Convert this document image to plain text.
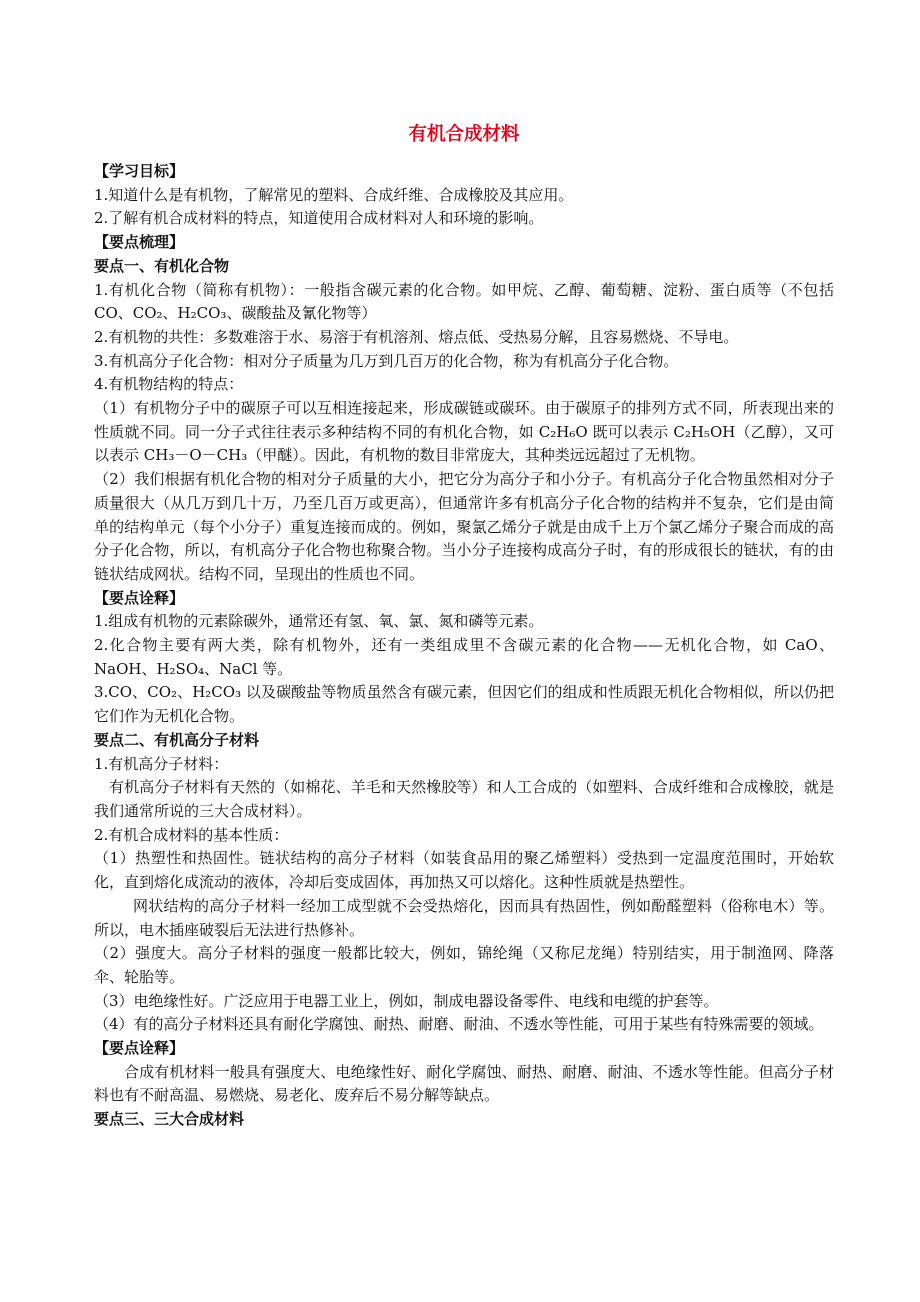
有机合成材料
【学习目标】
1.知道什么是有机物，了解常见的塑料、合成纤维、合成橡胶及其应用。
2.了解有机合成材料的特点，知道使用合成材料对人和环境的影响。
【要点梳理】
要点一、有机化合物
1.有机化合物（简称有机物）：一般指含碳元素的化合物。如甲烷、乙醇、葡萄糖、淀粉、蛋白质等（不包括 CO、CO₂、H₂CO₃、碳酸盐及氰化物等）
2.有机物的共性：多数难溶于水、易溶于有机溶剂、熔点低、受热易分解，且容易燃烧、不导电。
3.有机高分子化合物：相对分子质量为几万到几百万的化合物，称为有机高分子化合物。
4.有机物结构的特点：
（1）有机物分子中的碳原子可以互相连接起来，形成碳链或碳环。由于碳原子的排列方式不同，所表现出来的性质就不同。同一分子式往往表示多种结构不同的有机化合物，如 C₂H₆O 既可以表示 C₂H₅OH（乙醇），又可以表示 CH₃－O－CH₃（甲醚）。因此，有机物的数目非常庞大，其种类远远超过了无机物。
（2）我们根据有机化合物的相对分子质量的大小，把它分为高分子和小分子。有机高分子化合物虽然相对分子质量很大（从几万到几十万，乃至几百万或更高），但通常许多有机高分子化合物的结构并不复杂，它们是由简单的结构单元（每个小分子）重复连接而成的。例如，聚氯乙烯分子就是由成千上万个氯乙烯分子聚合而成的高分子化合物，所以，有机高分子化合物也称聚合物。当小分子连接构成高分子时，有的形成很长的链状，有的由链状结成网状。结构不同，呈现出的性质也不同。
【要点诠释】
1.组成有机物的元素除碳外，通常还有氢、氧、氯、氮和磷等元素。
2.化合物主要有两大类，除有机物外，还有一类组成里不含碳元素的化合物——无机化合物，如 CaO、NaOH、H₂SO₄、NaCl 等。
3.CO、CO₂、H₂CO₃ 以及碳酸盐等物质虽然含有碳元素，但因它们的组成和性质跟无机化合物相似，所以仍把它们作为无机化合物。
要点二、有机高分子材料
1.有机高分子材料：
有机高分子材料有天然的（如棉花、羊毛和天然橡胶等）和人工合成的（如塑料、合成纤维和合成橡胶，就是我们通常所说的三大合成材料）。
2.有机合成材料的基本性质：
（1）热塑性和热固性。链状结构的高分子材料（如装食品用的聚乙烯塑料）受热到一定温度范围时，开始软化，直到熔化成流动的液体，冷却后变成固体，再加热又可以熔化。这种性质就是热塑性。
网状结构的高分子材料一经加工成型就不会受热熔化，因而具有热固性，例如酚醛塑料（俗称电木）等。所以，电木插座破裂后无法进行热修补。
（2）强度大。高分子材料的强度一般都比较大，例如，锦纶绳（又称尼龙绳）特别结实，用于制渔网、降落伞、轮胎等。
（3）电绝缘性好。广泛应用于电器工业上，例如，制成电器设备零件、电线和电缆的护套等。
（4）有的高分子材料还具有耐化学腐蚀、耐热、耐磨、耐油、不透水等性能，可用于某些有特殊需要的领域。
【要点诠释】
合成有机材料一般具有强度大、电绝缘性好、耐化学腐蚀、耐热、耐磨、耐油、不透水等性能。但高分子材料也有不耐高温、易燃烧、易老化、废弃后不易分解等缺点。
要点三、三大合成材料
